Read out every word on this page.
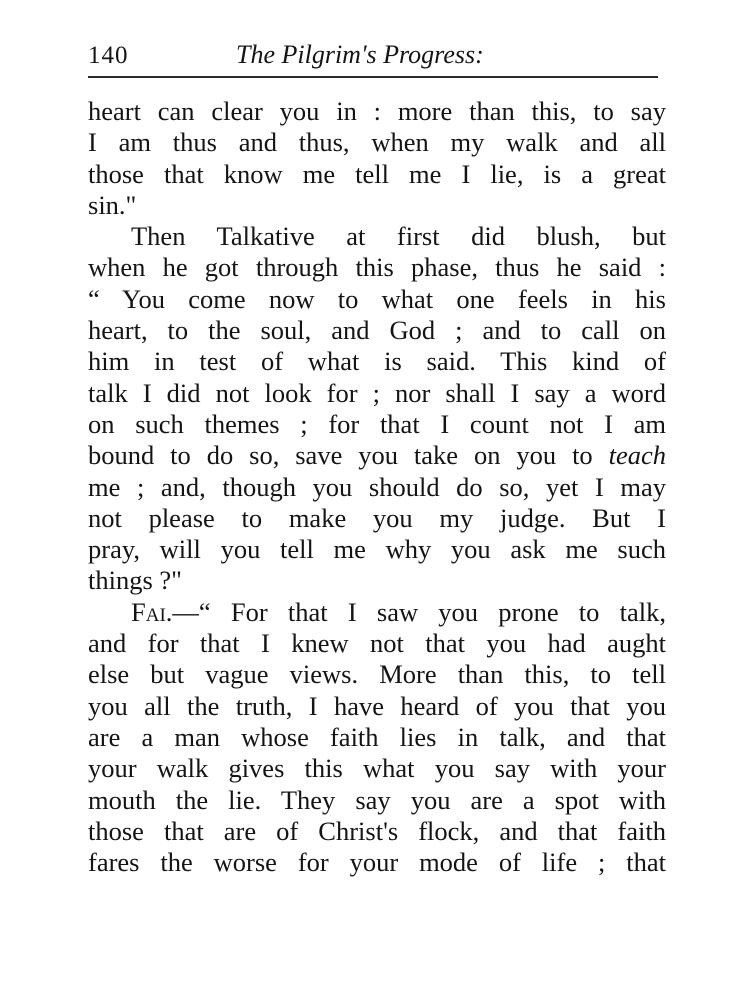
140	The Pilgrim's Progress:
heart can clear you in : more than this, to say
I am thus and thus, when my walk and all
those that know me tell me I lie, is a great
sin."
Then Talkative at first did blush, but
when he got through this phase, thus he said :
“ You come now to what one feels in his
heart, to the soul, and God ; and to call on
him in test of what is said. This kind of
talk I did not look for ; nor shall I say a word
on such themes ; for that I count not I am
bound to do so, save you take on you to teach
me ; and, though you should do so, yet I may
not please to make you my judge. But I
pray, will you tell me why you ask me such
things ?"
Fai.—“ For that I saw you prone to talk,
and for that I knew not that you had aught
else but vague views. More than this, to tell
you all the truth, I have heard of you that you
are a man whose faith lies in talk, and that
your walk gives this what you say with your
mouth the lie. They say you are a spot with
those that are of Christ's flock, and that faith
fares the worse for your mode of life ; that
